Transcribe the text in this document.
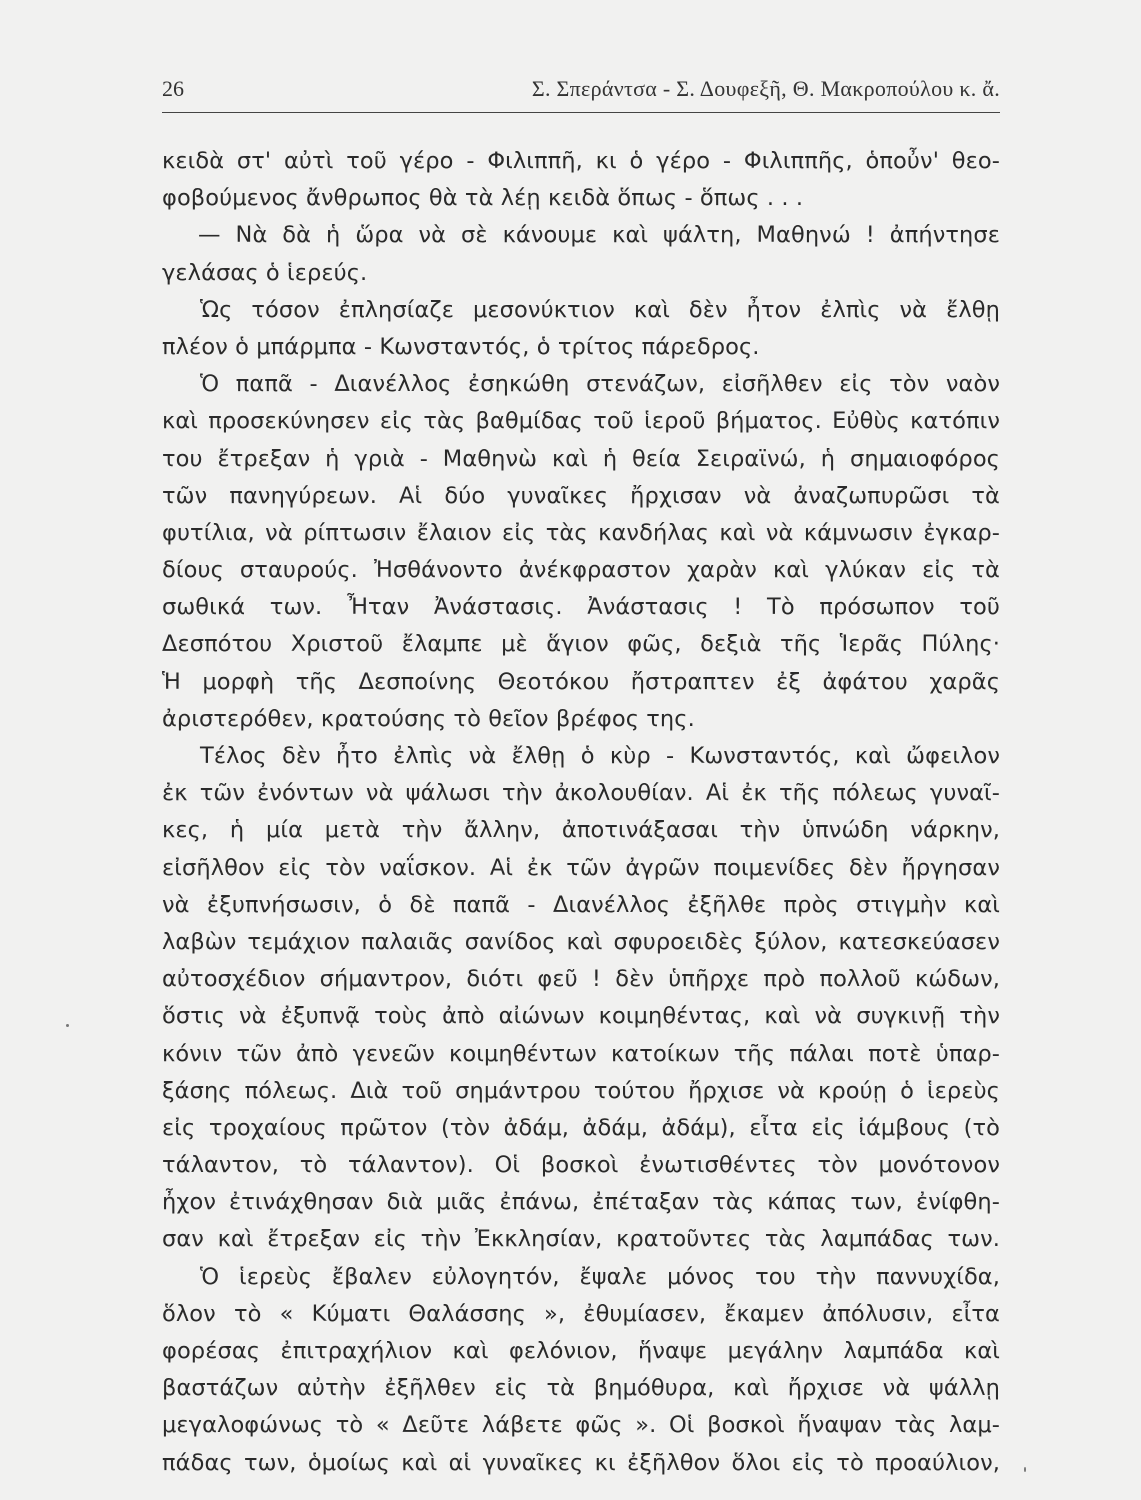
26	Σ. Σπεράντσα - Σ. Δουφεξῆ, Θ. Μακροπούλου κ. ἄ.
κειδὰ στ' αὐτὶ τοῦ γέρο - Φιλιππῆ, κι ὁ γέρο - Φιλιππῆς, ὁποὖν' θεο-
φοβούμενος ἄνθρωπος θὰ τὰ λέῃ κειδὰ ὅπως - ὅπως . . .
— Νὰ δὰ ἡ ὥρα νὰ σὲ κάνουμε καὶ ψάλτη, Μαθηνώ ! ἀπήντησε
γελάσας ὁ ἱερεύς.
Ὡς τόσον ἐπλησίαζε μεσονύκτιον καὶ δὲν ἦτον ἐλπὶς νὰ ἔλθῃ
πλέον ὁ μπάρμπα - Κωνσταντός, ὁ τρίτος πάρεδρος.
Ὁ παπᾶ - Διανέλλος ἐσηκώθη στενάζων, εἰσῆλθεν εἰς τὸν ναὸν
καὶ προσεκύνησεν εἰς τὰς βαθμίδας τοῦ ἱεροῦ βήματος. Εὐθὺς κατόπιν
του ἔτρεξαν ἡ γριὰ - Μαθηνὼ καὶ ἡ θεία Σειραϊνώ, ἡ σημαιοφόρος
τῶν πανηγύρεων. Αἱ δύο γυναῖκες ἤρχισαν νὰ ἀναζωπυρῶσι τὰ
φυτίλια, νὰ ρίπτωσιν ἔλαιον εἰς τὰς κανδήλας καὶ νὰ κάμνωσιν ἐγκαρ-
δίους σταυρούς. Ἠσθάνοντο ἀνέκφραστον χαρὰν καὶ γλύκαν εἰς τὰ
σωθικά των. Ἦταν Ἀνάστασις. Ἀνάστασις ! Τὸ πρόσωπον τοῦ
Δεσπότου Χριστοῦ ἔλαμπε μὲ ἅγιον φῶς, δεξιὰ τῆς Ἱερᾶς Πύλης·
Ἡ μορφὴ τῆς Δεσποίνης Θεοτόκου ἤστραπτεν ἐξ ἀφάτου χαρᾶς
ἀριστερόθεν, κρατούσης τὸ θεῖον βρέφος της.
Τέλος δὲν ἦτο ἐλπὶς νὰ ἔλθῃ ὁ κὺρ - Κωνσταντός, καὶ ὤφειλον
ἐκ τῶν ἐνόντων νὰ ψάλωσι τὴν ἀκολουθίαν. Αἱ ἐκ τῆς πόλεως γυναῖ-
κες, ἡ μία μετὰ τὴν ἄλλην, ἀποτινάξασαι τὴν ὑπνώδη νάρκην,
εἰσῆλθον εἰς τὸν ναΐσκον. Αἱ ἐκ τῶν ἀγρῶν ποιμενίδες δὲν ἤργησαν
νὰ ἐξυπνήσωσιν, ὁ δὲ παπᾶ - Διανέλλος ἐξῆλθε πρὸς στιγμὴν καὶ
λαβὼν τεμάχιον παλαιᾶς σανίδος καὶ σφυροειδὲς ξύλον, κατεσκεύασεν
αὐτοσχέδιον σήμαντρον, διότι φεῦ ! δὲν ὑπῆρχε πρὸ πολλοῦ κώδων,
ὅστις νὰ ἐξυπνᾷ τοὺς ἀπὸ αἰώνων κοιμηθέντας, καὶ νὰ συγκινῇ τὴν
κόνιν τῶν ἀπὸ γενεῶν κοιμηθέντων κατοίκων τῆς πάλαι ποτὲ ὑπαρ-
ξάσης πόλεως. Διὰ τοῦ σημάντρου τούτου ἤρχισε νὰ κρούῃ ὁ ἱερεὺς
εἰς τροχαίους πρῶτον (τὸν ἀδάμ, ἀδάμ, ἀδάμ), εἶτα εἰς ἰάμβους (τὸ
τάλαντον, τὸ τάλαντον). Οἱ βοσκοὶ ἐνωτισθέντες τὸν μονότονον
ἦχον ἐτινάχθησαν διὰ μιᾶς ἐπάνω, ἐπέταξαν τὰς κάπας των, ἐνίφθη-
σαν καὶ ἔτρεξαν εἰς τὴν Ἐκκλησίαν, κρατοῦντες τὰς λαμπάδας των.
Ὁ ἱερεὺς ἔβαλεν εὐλογητόν, ἔψαλε μόνος του τὴν παννυχίδα,
ὅλον τὸ « Κύματι Θαλάσσης », ἐθυμίασεν, ἔκαμεν ἀπόλυσιν, εἶτα
φορέσας ἐπιτραχήλιον καὶ φελόνιον, ἥναψε μεγάλην λαμπάδα καὶ
βαστάζων αὐτὴν ἐξῆλθεν εἰς τὰ βημόθυρα, καὶ ἤρχισε νὰ ψάλλῃ
μεγαλοφώνως τὸ « Δεῦτε λάβετε φῶς ». Οἱ βοσκοὶ ἥναψαν τὰς λαμ-
πάδας των, ὁμοίως καὶ αἱ γυναῖκες κι ἐξῆλθον ὅλοι εἰς τὸ προαύλιον,
